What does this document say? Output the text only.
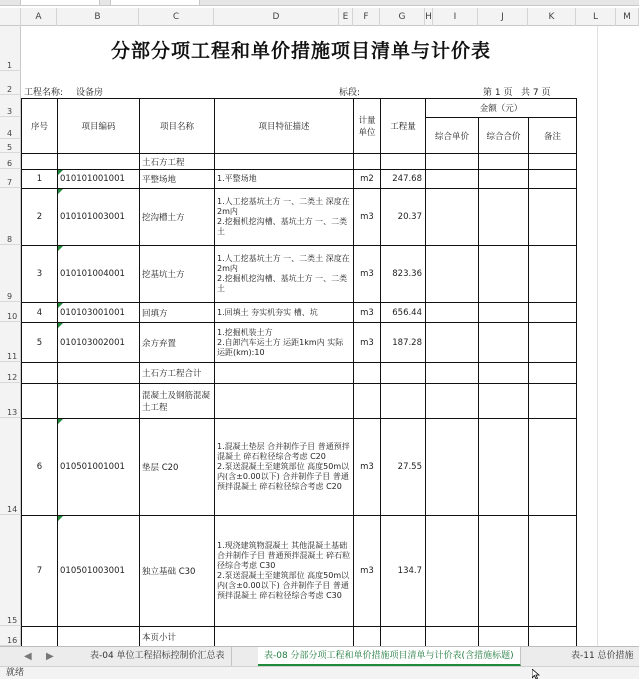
A	B	C	D	E	F	G	H	I	J	K	L	M
1
2
3
4
5
6
7
8
9
10
11
12
13
14
15
16
分部分项工程和单价措施项目清单与计价表
工程名称: 设备房	标段:	第 1 页   共 7 页
序号	项目编码	项目名称	项目特征描述	计量单位	工程量	金额（元）		
						综合单价	综合合价	备注

		土石方工程						
1	010101001001	平整场地	1.平整场地	m2	247.68			
2	010101003001	挖沟槽土方	1.人工挖基坑土方 一、二类土 深度在2m内
2.挖掘机挖沟槽、基坑土方 一、二类土	m3	20.37			
3	010101004001	挖基坑土方	1.人工挖基坑土方 一、二类土 深度在2m内
2.挖掘机挖沟槽、基坑土方 一、二类土	m3	823.36			
4	010103001001	回填方	1.回填土 夯实机夯实 槽、坑	m3	656.44			
5	010103002001	余方弃置	1.挖掘机装土方
2.自卸汽车运土方 运距1km内 实际运距(km):10	m3	187.28			
		土石方工程合计						
		混凝土及钢筋混凝土工程						
6	010501001001	垫层 C20	1.混凝土垫层 合并制作子目 普通预拌混凝土 碎石粒径综合考虑 C20
2.泵送混凝土至建筑部位 高度50m以内(含±0.00以下) 合并制作子目 普通预拌混凝土 碎石粒径综合考虑 C20	m3	27.55			
7	010501003001	独立基础 C30	1.现浇建筑物混凝土 其他混凝土基础 合并制作子目 普通预拌混凝土 碎石粒径综合考虑 C30
2.泵送混凝土至建筑部位 高度50m以内(含±0.00以下) 合并制作子目 普通预拌混凝土 碎石粒径综合考虑 C30	m3	134.7			
		本页小计						
◀ ▶	表-04 单位工程招标控制价汇总表	表-08 分部分项工程和单价措施项目清单与计价表(含措施标题)	表-11 总价措施
就绪
